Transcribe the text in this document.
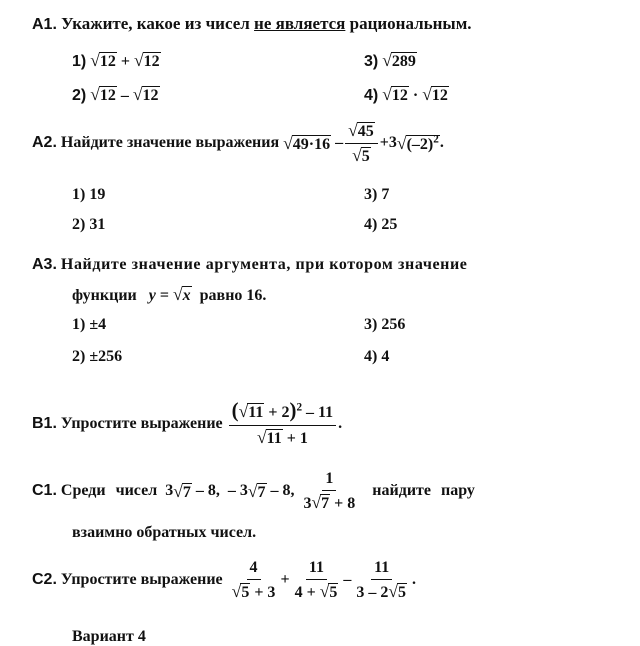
А1. Укажите, какое из чисел не является рациональным.
1) √12 + √12	3) √289
2) √12 – √12	4) √12 · √12
А2.
Найдите значение выражения
√49·16
– $\frac{√45}{√5} +3$ $√(-2)^2$ .
1) 19	3) 7
2) 31	4) 25
А3. Найдите значение аргумента, при котором значение
функции y = √x равно 16.
1) ±4	3) 256
2) ±256	4) 4
В1.
Упростите выражение
$\frac{(√11 + 2)^2 - 11}{√11 + 1}$ .
С1.
Среди чисел
3 √7
– 8,
– 3 √7
– 8,
$\frac{1}{3√7 + 8}$
найдите пару
взаимно обратных чисел.
С2.
Упростите выражение
$\frac{4}{√5 + 3} + \frac{11}{4 + √5} - \frac{11}{3 - 2√5}$ .
Вариант 4
